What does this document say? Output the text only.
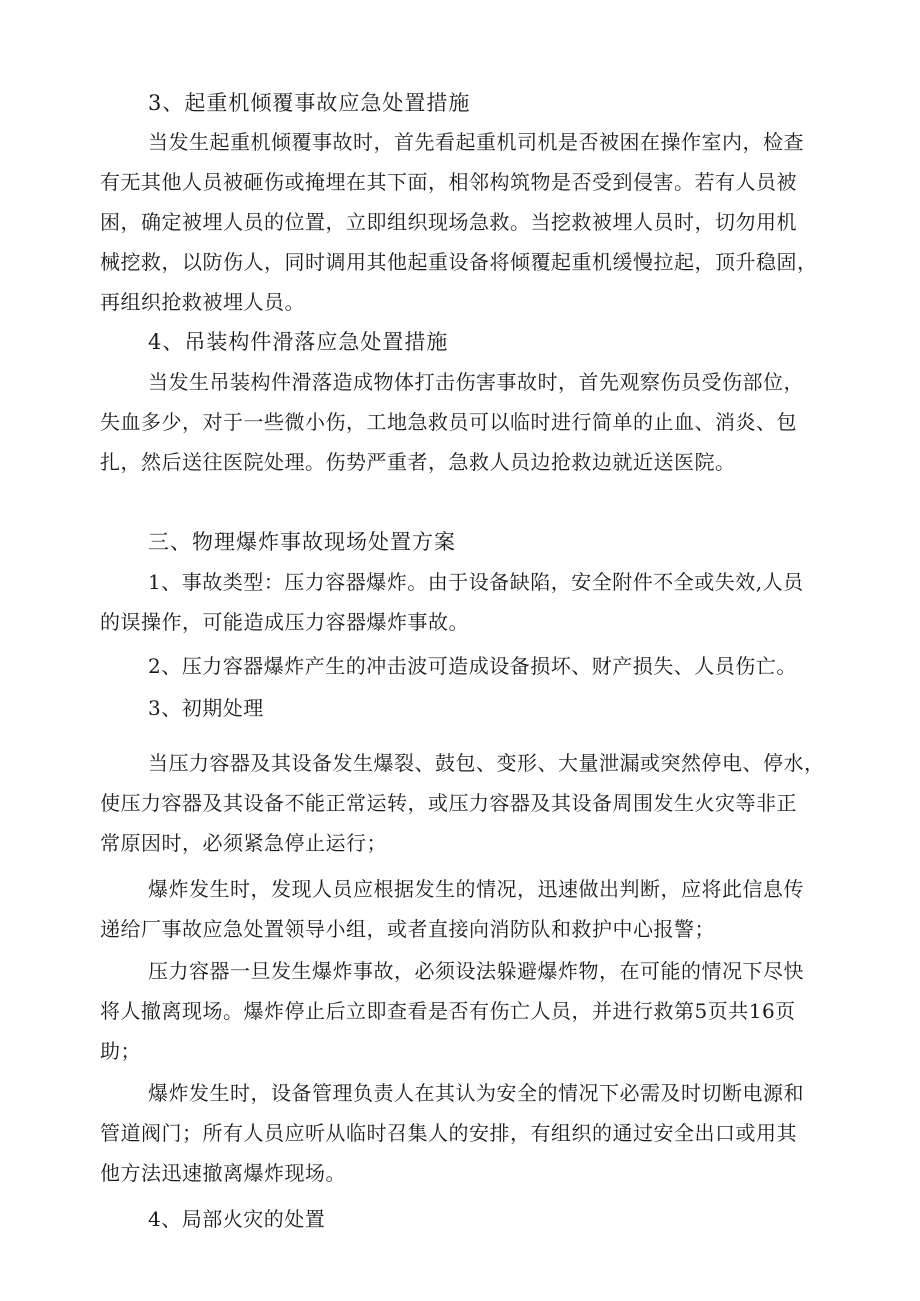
3、起重机倾覆事故应急处置措施
当发生起重机倾覆事故时，首先看起重机司机是否被困在操作室内，检查
有无其他人员被砸伤或掩埋在其下面，相邻构筑物是否受到侵害。若有人员被
困，确定被埋人员的位置，立即组织现场急救。当挖救被埋人员时，切勿用机
械挖救，以防伤人，同时调用其他起重设备将倾覆起重机缓慢拉起，顶升稳固，
再组织抢救被埋人员。
4、吊装构件滑落应急处置措施
当发生吊装构件滑落造成物体打击伤害事故时，首先观察伤员受伤部位，
失血多少，对于一些微小伤，工地急救员可以临时进行简单的止血、消炎、包
扎，然后送往医院处理。伤势严重者，急救人员边抢救边就近送医院。
三、物理爆炸事故现场处置方案
1、事故类型：压力容器爆炸。由于设备缺陷，安全附件不全或失效,人员
的误操作，可能造成压力容器爆炸事故。
2、压力容器爆炸产生的冲击波可造成设备损坏、财产损失、人员伤亡。
3、初期处理
当压力容器及其设备发生爆裂、鼓包、变形、大量泄漏或突然停电、停水，
使压力容器及其设备不能正常运转，或压力容器及其设备周围发生火灾等非正
常原因时，必须紧急停止运行；
爆炸发生时，发现人员应根据发生的情况，迅速做出判断，应将此信息传
递给厂事故应急处置领导小组，或者直接向消防队和救护中心报警；
压力容器一旦发生爆炸事故，必须设法躲避爆炸物，在可能的情况下尽快
将人撤离现场。爆炸停止后立即查看是否有伤亡人员，并进行救第5页共16页
助；
爆炸发生时，设备管理负责人在其认为安全的情况下必需及时切断电源和
管道阀门；所有人员应听从临时召集人的安排，有组织的通过安全出口或用其
他方法迅速撤离爆炸现场。
4、局部火灾的处置
